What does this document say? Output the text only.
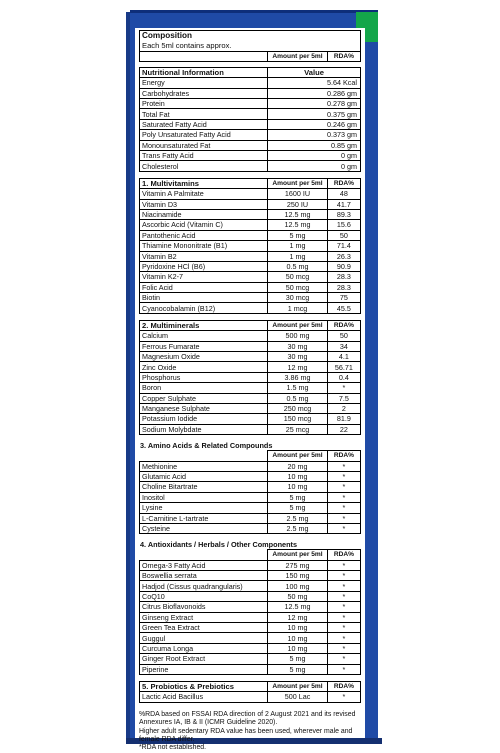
Composition
Each 5ml contains approx.
	Amount per 5ml	RDA%
Nutritional Information	Value
Energy	5.64 Kcal
Carbohydrates	0.286 gm
Protein	0.278 gm
Total Fat	0.375 gm
Saturated Fatty Acid	0.246 gm
Poly Unsaturated Fatty Acid	0.373 gm
Monounsaturated Fat	0.85 gm
Trans Fatty Acid	0 gm
Cholesterol	0 gm
1. Multivitamins	Amount per 5ml	RDA%
Vitamin A Palmitate	1600 IU	48
Vitamin D3	250 IU	41.7
Niacinamide	12.5 mg	89.3
Ascorbic Acid (Vitamin C)	12.5 mg	15.6
Pantothenic Acid	5 mg	50
Thiamine Mononitrate (B1)	1 mg	71.4
Vitamin B2	1 mg	26.3
Pyridoxine HCl (B6)	0.5 mg	90.9
Vitamin K2-7	50 mcg	28.3
Folic Acid	50 mcg	28.3
Biotin	30 mcg	75
Cyanocobalamin (B12)	1 mcg	45.5
2. Multiminerals	Amount per 5ml	RDA%
Calcium	500 mg	50
Ferrous Fumarate	30 mg	34
Magnesium Oxide	30 mg	4.1
Zinc Oxide	12 mg	56.71
Phosphorus	3.86 mg	0.4
Boron	1.5 mg	*
Copper Sulphate	0.5 mg	7.5
Manganese Sulphate	250 mcg	2
Potassium Iodide	150 mcg	81.9
Sodium Molybdate	25 mcg	22
3. Amino Acids & Related Compounds
	Amount per 5ml	RDA%
Methionine	20 mg	*
Glutamic Acid	10 mg	*
Choline Bitartrate	10 mg	*
Inositol	5 mg	*
Lysine	5 mg	*
L-Carnitine L-tartrate	2.5 mg	*
Cysteine	2.5 mg	*
4. Antioxidants / Herbals / Other Components
	Amount per 5ml	RDA%
Omega-3 Fatty Acid	275 mg	*
Boswellia serrata	150 mg	*
Hadjod (Cissus quadrangularis)	100 mg	*
CoQ10	50 mg	*
Citrus Bioflavonoids	12.5 mg	*
Ginseng Extract	12 mg	*
Green Tea Extract	10 mg	*
Guggul	10 mg	*
Curcuma Longa	10 mg	*
Ginger Root Extract	5 mg	*
Piperine	5 mg	*
5. Probiotics & Prebiotics	Amount per 5ml	RDA%
Lactic Acid Bacillus	500 Lac	*
%RDA based on FSSAI RDA direction of 2 August 2021 and its revised Annexures IA, IB & II (ICMR Guideline 2020).
Higher adult sedentary RDA value has been used, wherever male and female RDA differ.
*RDA not established.
